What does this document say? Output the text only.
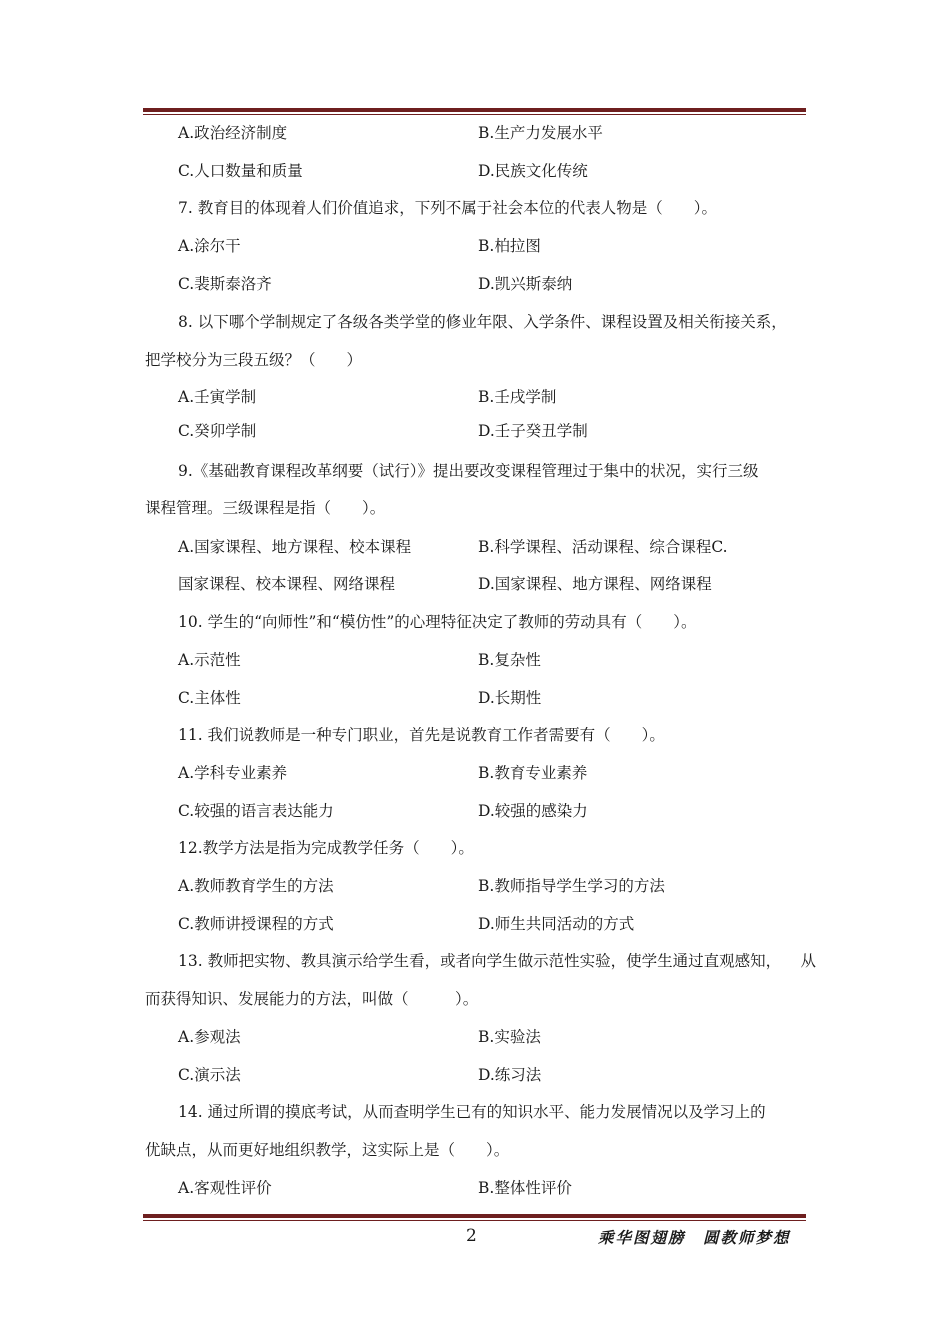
A.政治经济制度	B.生产力发展水平
C.人口数量和质量	D.民族文化传统
7. 教育目的体现着人们价值追求，下列不属于社会本位的代表人物是（　　）。
A.涂尔干	B.柏拉图
C.裴斯泰洛齐	D.凯兴斯泰纳
8. 以下哪个学制规定了各级各类学堂的修业年限、入学条件、课程设置及相关衔接关系，
把学校分为三段五级？（　　）
A.壬寅学制	B.壬戌学制
C.癸卯学制	D.壬子癸丑学制
9.《基础教育课程改革纲要（试行）》提出要改变课程管理过于集中的状况，实行三级
课程管理。三级课程是指（　　）。
A.国家课程、地方课程、校本课程	B.科学课程、活动课程、综合课程C.
国家课程、校本课程、网络课程	D.国家课程、地方课程、网络课程
10. 学生的“向师性”和“模仿性”的心理特征决定了教师的劳动具有（　　）。
A.示范性	B.复杂性
C.主体性	D.长期性
11. 我们说教师是一种专门职业，首先是说教育工作者需要有（　　）。
A.学科专业素养	B.教育专业素养
C.较强的语言表达能力	D.较强的感染力
12.教学方法是指为完成教学任务（　　）。
A.教师教育学生的方法	B.教师指导学生学习的方法
C.教师讲授课程的方式	D.师生共同活动的方式
13. 教师把实物、教具演示给学生看，或者向学生做示范性实验，使学生通过直观感知， 从
而获得知识、发展能力的方法，叫做（　　　）。
A.参观法	B.实验法
C.演示法	D.练习法
14. 通过所谓的摸底考试，从而查明学生已有的知识水平、能力发展情况以及学习上的
优缺点，从而更好地组织教学，这实际上是（　　）。
A.客观性评价	B.整体性评价
2	乘华图翅膀　圆教师梦想
